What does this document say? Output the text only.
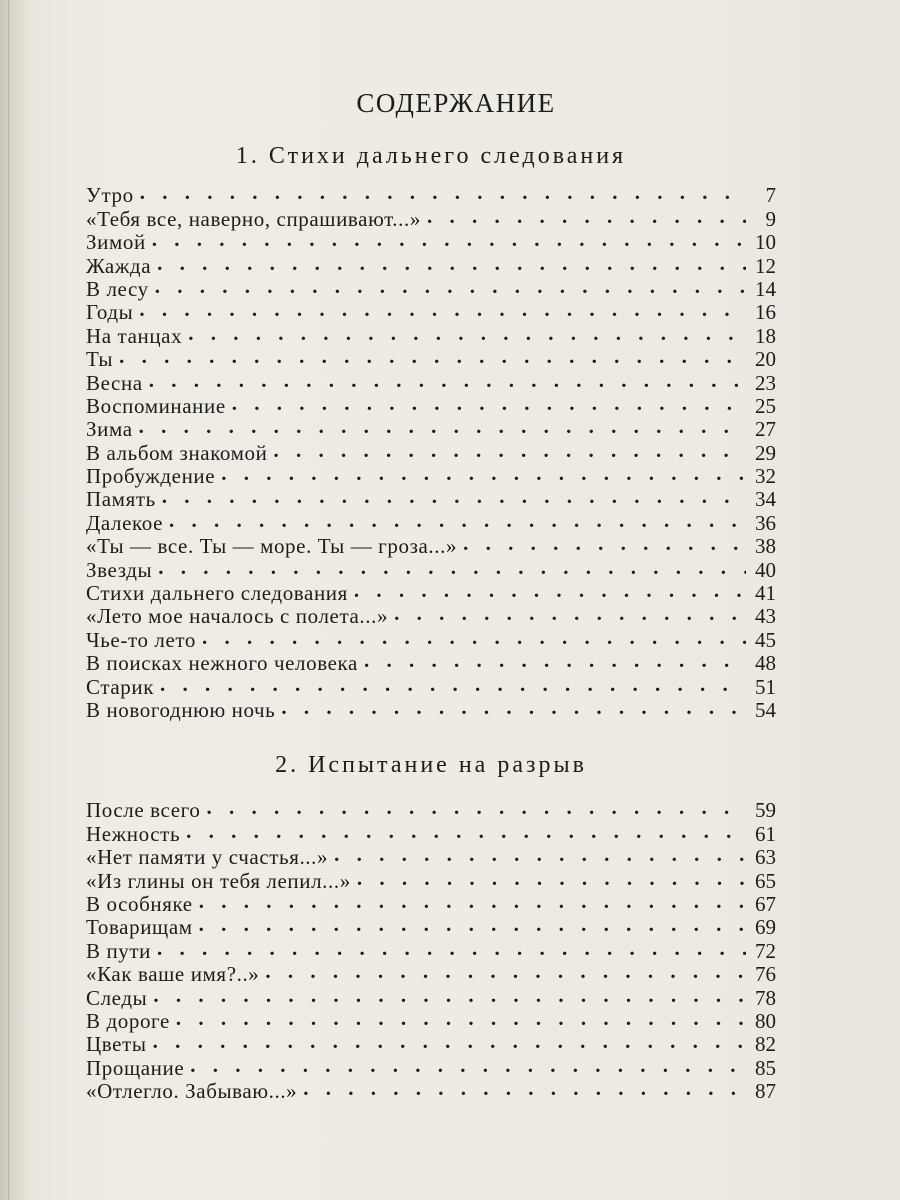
СОДЕРЖАНИЕ
1. Стихи дальнего следования
Утро . . .	7
«Тебя все, наверно, спрашивают...» . . .	9
Зимой . . .	10
Жажда . . .	12
В лесу . . .	14
Годы . . .	16
На танцах . . .	18
Ты . . .	20
Весна . . .	23
Воспоминание . . .	25
Зима . . .	27
В альбом знакомой . . .	29
Пробуждение . . .	32
Память . . .	34
Далекое . . .	36
«Ты — все. Ты — море. Ты — гроза...» . . .	38
Звезды . . .	40
Стихи дальнего следования . . .	41
«Лето мое началось с полета...» . . .	43
Чье-то лето . . .	45
В поисках нежного человека . . .	48
Старик . . .	51
В новогоднюю ночь . . .	54
2. Испытание на разрыв
После всего . . .	59
Нежность . . .	61
«Нет памяти у счастья...» . . .	63
«Из глины он тебя лепил...» . . .	65
В особняке . . .	67
Товарищам . . .	69
В пути . . .	72
«Как ваше имя?..» . . .	76
Следы . . .	78
В дороге . . .	80
Цветы . . .	82
Прощание . . .	85
«Отлегло. Забываю...» . . .	87
